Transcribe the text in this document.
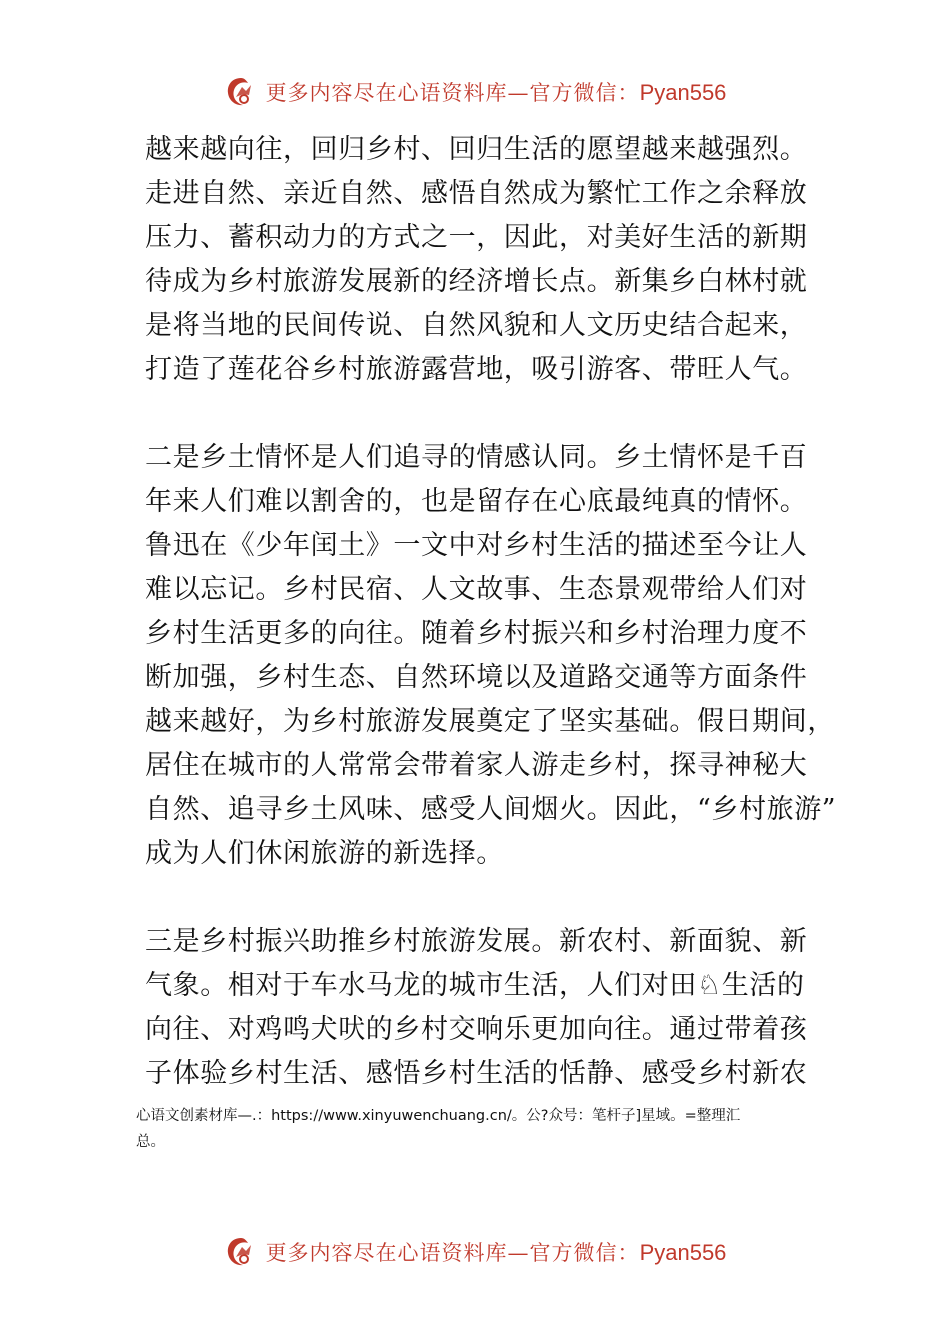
更多内容尽在心语资料库—官方微信：Pyan556

越来越向往，回归乡村、回归生活的愿望越来越强烈。
走进自然、亲近自然、感悟自然成为繁忙工作之余释放
压力、蓄积动力的方式之一，因此，对美好生活的新期
待成为乡村旅游发展新的经济增长点。新集乡白林村就
是将当地的民间传说、自然风貌和人文历史结合起来，
打造了莲花谷乡村旅游露营地，吸引游客、带旺人气。

二是乡土情怀是人们追寻的情感认同。乡土情怀是千百
年来人们难以割舍的，也是留存在心底最纯真的情怀。
鲁迅在《少年闰土》一文中对乡村生活的描述至今让人
难以忘记。乡村民宿、人文故事、生态景观带给人们对
乡村生活更多的向往。随着乡村振兴和乡村治理力度不
断加强，乡村生态、自然环境以及道路交通等方面条件
越来越好，为乡村旅游发展奠定了坚实基础。假日期间，
居住在城市的人常常会带着家人游走乡村，探寻神秘大
自然、追寻乡土风味、感受人间烟火。因此，“乡村旅游”
成为人们休闲旅游的新选择。

三是乡村振兴助推乡村旅游发展。新农村、新面貌、新
气象。相对于车水马龙的城市生活，人们对田♘生活的
向往、对鸡鸣犬吠的乡村交响乐更加向往。通过带着孩
子体验乡村生活、感悟乡村生活的恬静、感受乡村新农

心语文创素材库—.：https://www.xinyuwenchuang.cn/。公?众号：笔杆子]星域。=整理汇
总。
更多内容尽在心语资料库—官方微信：Pyan556
